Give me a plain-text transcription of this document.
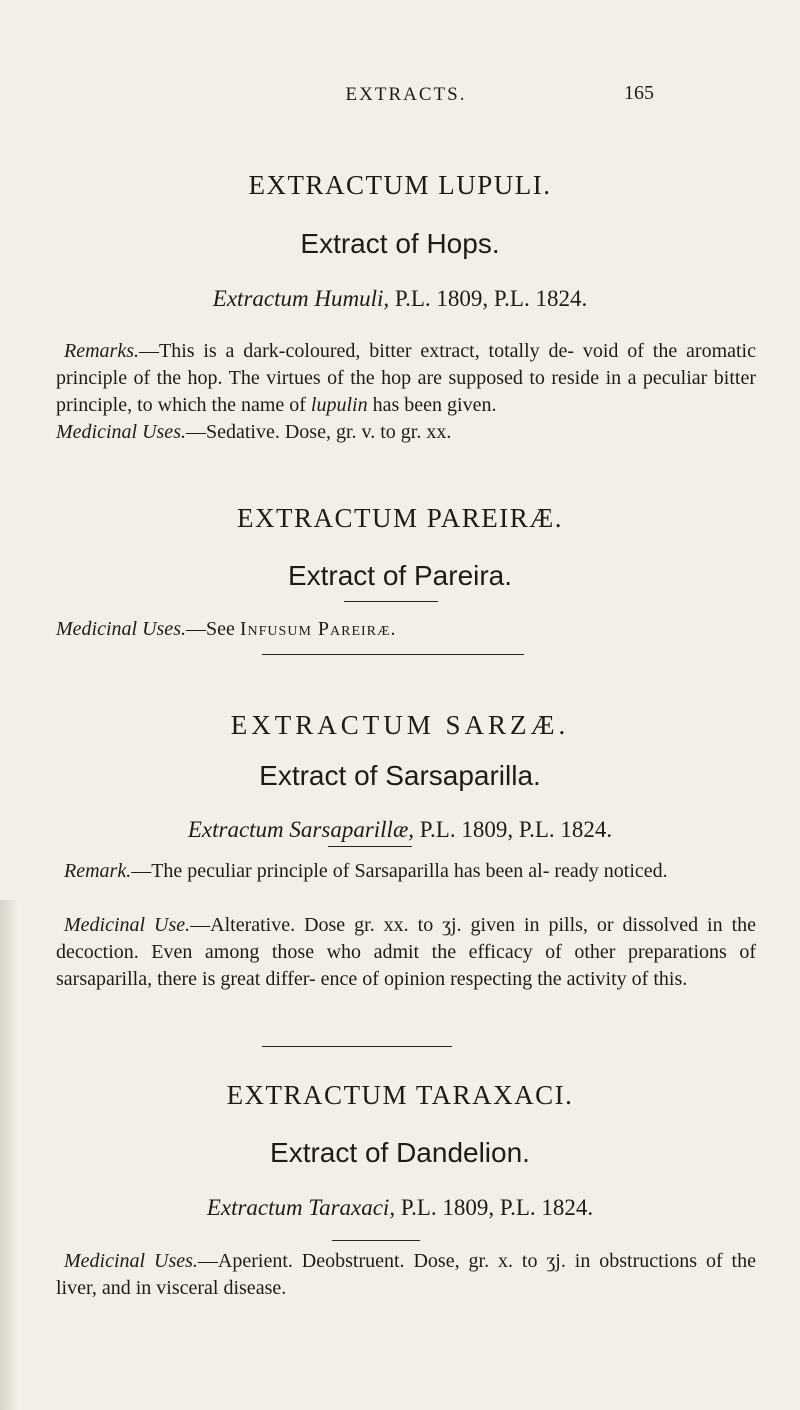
EXTRACTS.	165
EXTRACTUM LUPULI.
Extract of Hops.
Extractum Humuli, P.L. 1809, P.L. 1824.
Remarks.—This is a dark-coloured, bitter extract, totally de- void of the aromatic principle of the hop. The virtues of the hop are supposed to reside in a peculiar bitter principle, to which the name of lupulin has been given.
Medicinal Uses.—Sedative. Dose, gr. v. to gr. xx.
EXTRACTUM PAREIRÆ.
Extract of Pareira.
Medicinal Uses.—See Infusum Pareiræ.
EXTRACTUM SARZÆ.
Extract of Sarsaparilla.
Extractum Sarsaparillæ, P.L. 1809, P.L. 1824.
Remark.—The peculiar principle of Sarsaparilla has been al- ready noticed.
Medicinal Use.—Alterative. Dose gr. xx. to ʒj. given in pills, or dissolved in the decoction. Even among those who admit the efficacy of other preparations of sarsaparilla, there is great differ- ence of opinion respecting the activity of this.
EXTRACTUM TARAXACI.
Extract of Dandelion.
Extractum Taraxaci, P.L. 1809, P.L. 1824.
Medicinal Uses.—Aperient. Deobstruent. Dose, gr. x. to ʒj. in obstructions of the liver, and in visceral disease.
